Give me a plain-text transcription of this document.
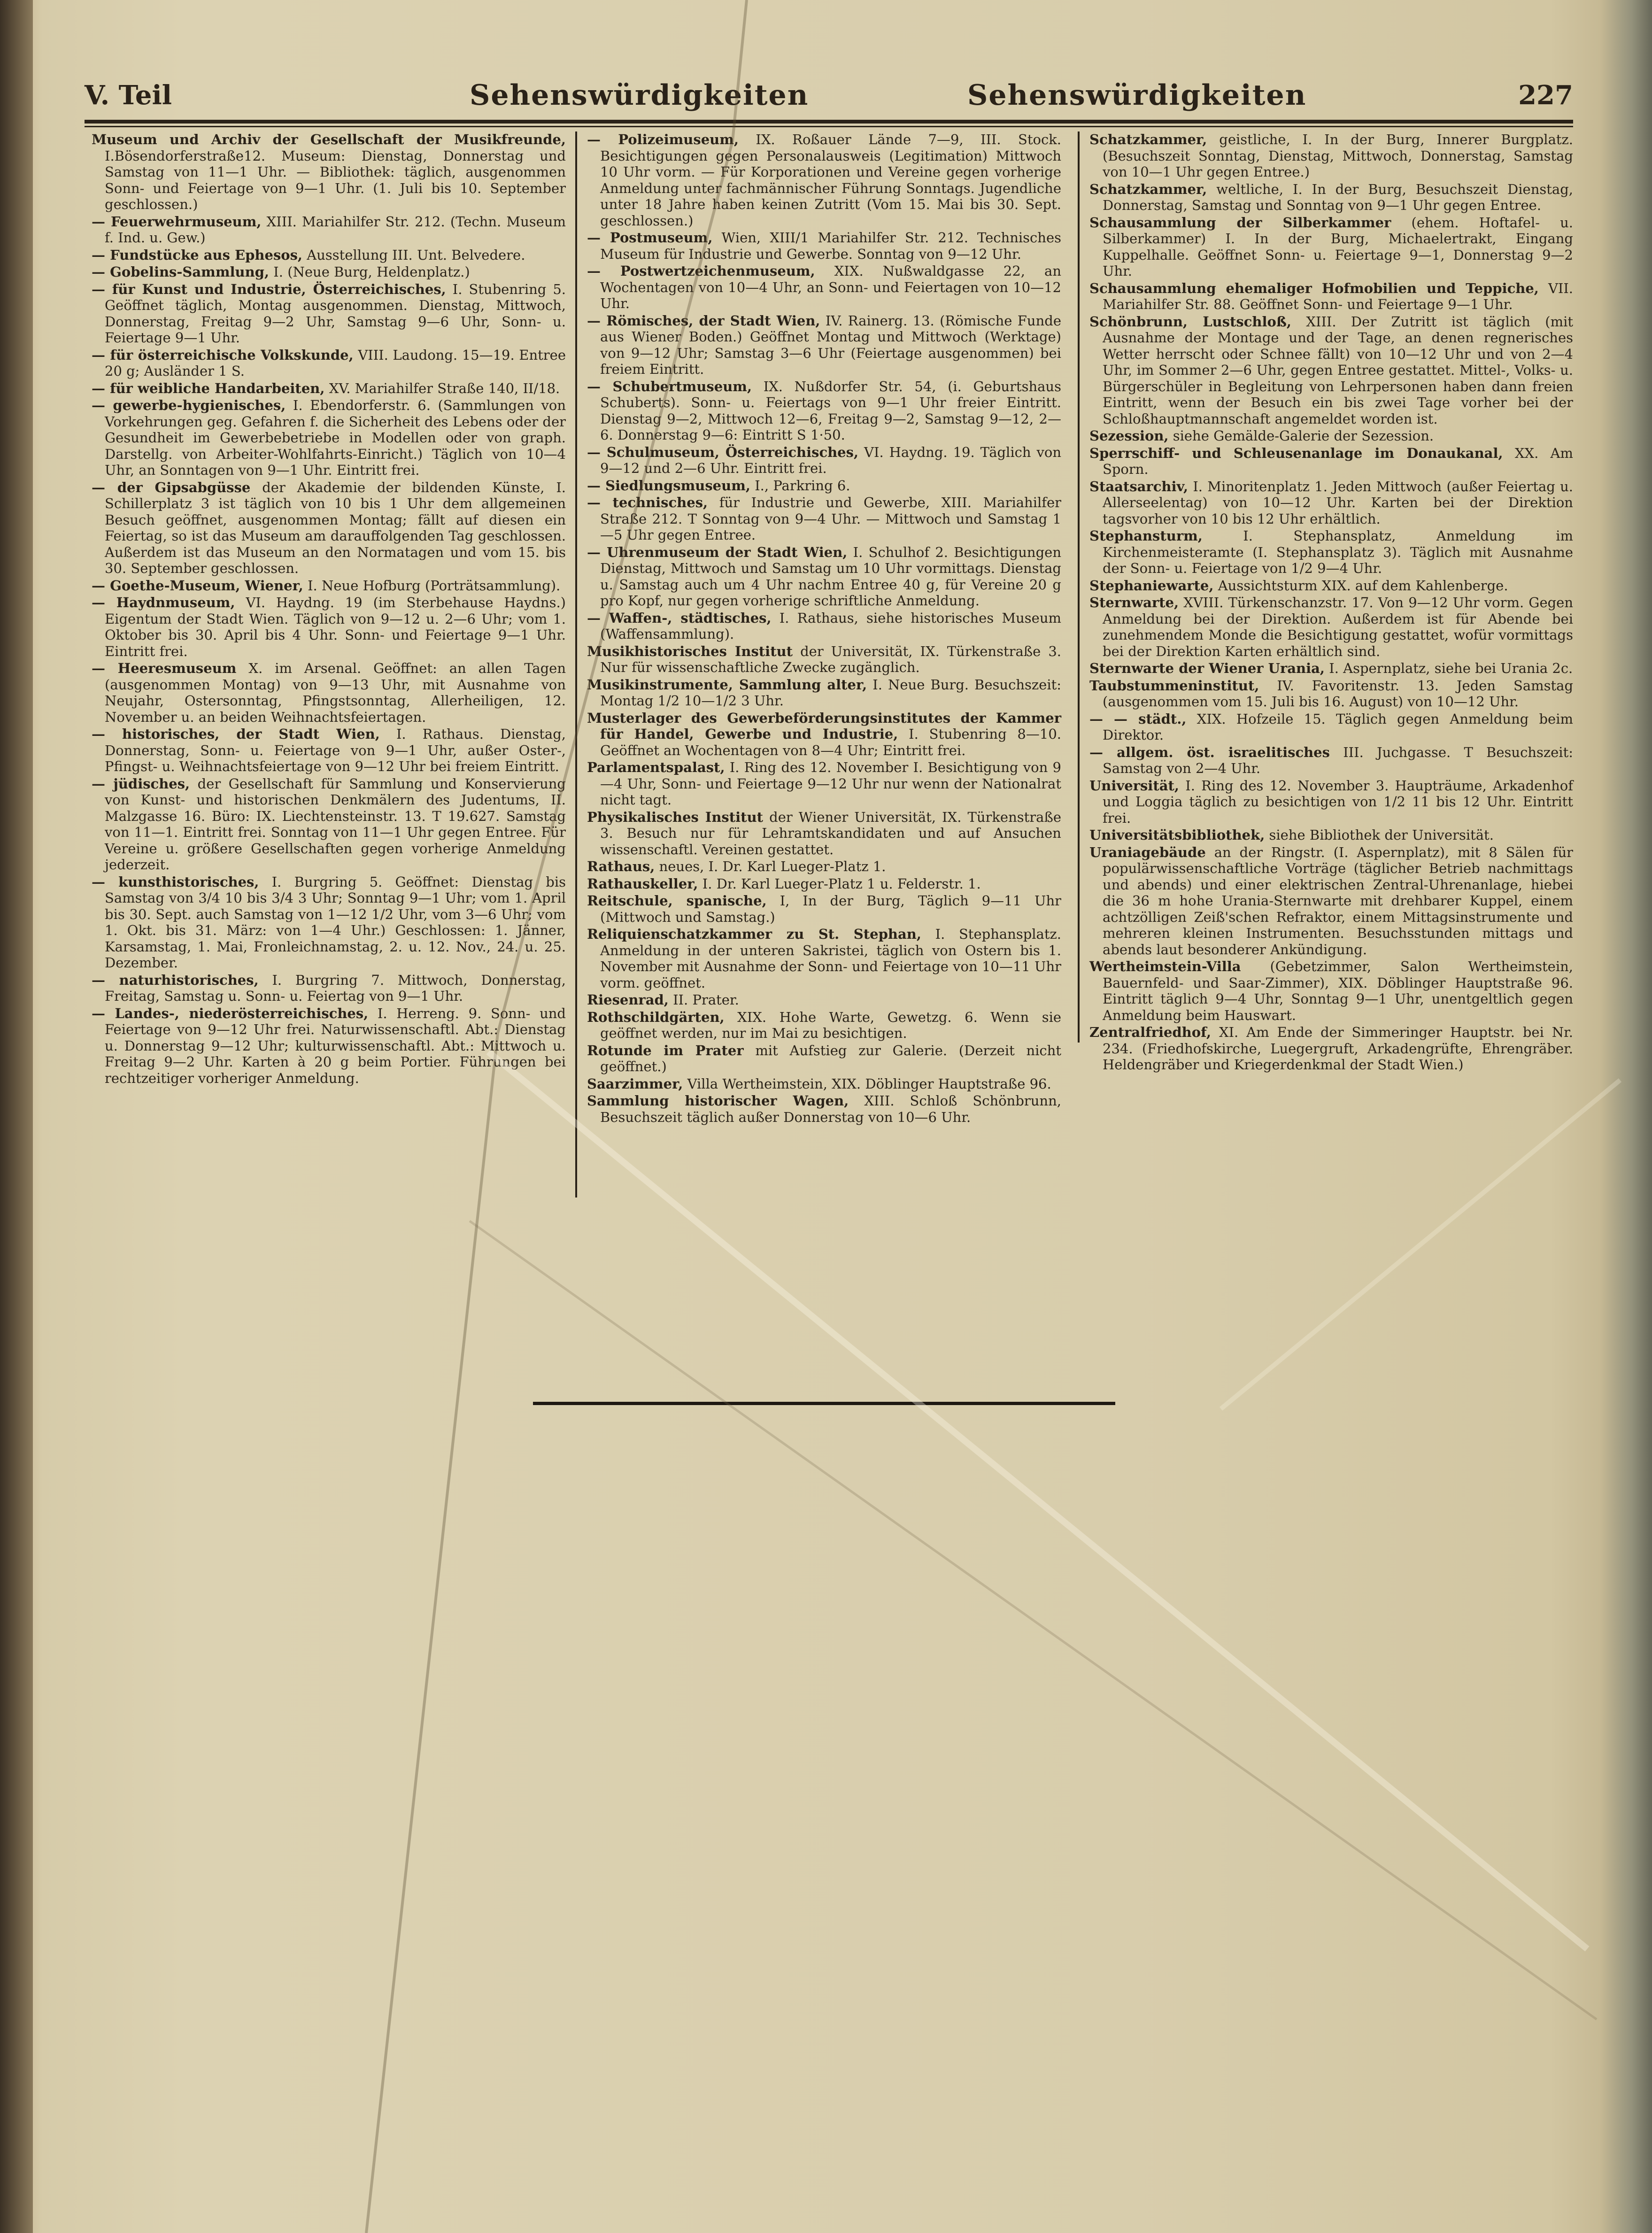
V. Teil	Sehenswürdigkeiten	Sehenswürdigkeiten	227
Museum und Archiv der Gesellschaft der Musikfreunde, I.Bösendorferstraße12. Museum: Dienstag, Donnerstag und Samstag von 11—1 Uhr. — Bibliothek: täglich, ausgenommen Sonn- und Feiertage von 9—1 Uhr. (1. Juli bis 10. September geschlossen.)
— Feuerwehrmuseum, XIII. Mariahilfer Str. 212. (Techn. Museum f. Ind. u. Gew.)
— Fundstücke aus Ephesos, Ausstellung III. Unt. Belvedere.
— Gobelins-Sammlung, I. (Neue Burg, Heldenplatz.)
— für Kunst und Industrie, Österreichisches, I. Stubenring 5. Geöffnet täglich, Montag ausgenommen. Dienstag, Mittwoch, Donnerstag, Freitag 9—2 Uhr, Samstag 9—6 Uhr, Sonn- u. Feiertage 9—1 Uhr.
— für österreichische Volkskunde, VIII. Laudong. 15—19. Entree 20 g; Ausländer 1 S.
— für weibliche Handarbeiten, XV. Mariahilfer Straße 140, II/18.
— gewerbe-hygienisches, I. Ebendorferstr. 6. (Sammlungen von Vorkehrungen geg. Gefahren f. die Sicherheit des Lebens oder der Gesundheit im Gewerbebetriebe in Modellen oder von graph. Darstellg. von Arbeiter-Wohlfahrts-Einricht.) Täglich von 10—4 Uhr, an Sonntagen von 9—1 Uhr. Eintritt frei.
— der Gipsabgüsse der Akademie der bildenden Künste, I. Schillerplatz 3 ist täglich von 10 bis 1 Uhr dem allgemeinen Besuch geöffnet, ausgenommen Montag; fällt auf diesen ein Feiertag, so ist das Museum am darauffolgenden Tag geschlossen. Außerdem ist das Museum an den Normatagen und vom 15. bis 30. September geschlossen.
— Goethe-Museum, Wiener, I. Neue Hofburg (Porträtsammlung).
— Haydnmuseum, VI. Haydng. 19 (im Sterbehause Haydns.) Eigentum der Stadt Wien. Täglich von 9—12 u. 2—6 Uhr; vom 1. Oktober bis 30. April bis 4 Uhr. Sonn- und Feiertage 9—1 Uhr. Eintritt frei.
— Heeresmuseum X. im Arsenal. Geöffnet: an allen Tagen (ausgenommen Montag) von 9—13 Uhr, mit Ausnahme von Neujahr, Ostersonntag, Pfingstsonntag, Allerheiligen, 12. November u. an beiden Weihnachtsfeiertagen.
— historisches, der Stadt Wien, I. Rathaus. Dienstag, Donnerstag, Sonn- u. Feiertage von 9—1 Uhr, außer Oster-, Pfingst- u. Weihnachtsfeiertage von 9—12 Uhr bei freiem Eintritt.
— jüdisches, der Gesellschaft für Sammlung und Konservierung von Kunst- und historischen Denkmälern des Judentums, II. Malzgasse 16. Büro: IX. Liechtensteinstr. 13. T 19.627. Samstag von 11—1. Eintritt frei. Sonntag von 11—1 Uhr gegen Entree. Für Vereine u. größere Gesellschaften gegen vorherige Anmeldung jederzeit.
— kunsthistorisches, I. Burgring 5. Geöffnet: Dienstag bis Samstag von 3/4 10 bis 3/4 3 Uhr; Sonntag 9—1 Uhr; vom 1. April bis 30. Sept. auch Samstag von 1—12 1/2 Uhr, vom 3—6 Uhr; vom 1. Okt. bis 31. März: von 1—4 Uhr.) Geschlossen: 1. Jänner, Karsamstag, 1. Mai, Fronleichnamstag, 2. u. 12. Nov., 24. u. 25. Dezember.
— naturhistorisches, I. Burgring 7. Mittwoch, Donnerstag, Freitag, Samstag u. Sonn- u. Feiertag von 9—1 Uhr.
— Landes-, niederösterreichisches, I. Herreng. 9. Sonn- und Feiertage von 9—12 Uhr frei. Naturwissenschaftl. Abt.: Dienstag u. Donnerstag 9—12 Uhr; kulturwissenschaftl. Abt.: Mittwoch u. Freitag 9—2 Uhr. Karten à 20 g beim Portier. Führungen bei rechtzeitiger vorheriger Anmeldung.
— Polizeimuseum, IX. Roßauer Lände 7—9, III. Stock. Besichtigungen gegen Personalausweis (Legitimation) Mittwoch 10 Uhr vorm. — Für Korporationen und Vereine gegen vorherige Anmeldung unter fachmännischer Führung Sonntags. Jugendliche unter 18 Jahre haben keinen Zutritt (Vom 15. Mai bis 30. Sept. geschlossen.)
— Postmuseum, Wien, XIII/1 Mariahilfer Str. 212. Technisches Museum für Industrie und Gewerbe. Sonntag von 9—12 Uhr.
— Postwertzeichenmuseum, XIX. Nußwaldgasse 22, an Wochentagen von 10—4 Uhr, an Sonn- und Feiertagen von 10—12 Uhr.
— Römisches, der Stadt Wien, IV. Rainerg. 13. (Römische Funde aus Wiener Boden.) Geöffnet Montag und Mittwoch (Werktage) von 9—12 Uhr; Samstag 3—6 Uhr (Feiertage ausgenommen) bei freiem Eintritt.
— Schubertmuseum, IX. Nußdorfer Str. 54, (i. Geburtshaus Schuberts). Sonn- u. Feiertags von 9—1 Uhr freier Eintritt. Dienstag 9—2, Mittwoch 12—6, Freitag 9—2, Samstag 9—12, 2—6. Donnerstag 9—6: Eintritt S 1·50.
— Schulmuseum, Österreichisches, VI. Haydng. 19. Täglich von 9—12 und 2—6 Uhr. Eintritt frei.
— Siedlungsmuseum, I., Parkring 6.
— technisches, für Industrie und Gewerbe, XIII. Mariahilfer Straße 212. T Sonntag von 9—4 Uhr. — Mittwoch und Samstag 1—5 Uhr gegen Entree.
— Uhrenmuseum der Stadt Wien, I. Schulhof 2. Besichtigungen Dienstag, Mittwoch und Samstag um 10 Uhr vormittags. Dienstag u. Samstag auch um 4 Uhr nachm Entree 40 g, für Vereine 20 g pro Kopf, nur gegen vorherige schriftliche Anmeldung.
— Waffen-, städtisches, I. Rathaus, siehe historisches Museum (Waffensammlung).
Musikhistorisches Institut der Universität, IX. Türkenstraße 3. Nur für wissenschaftliche Zwecke zugänglich.
Musikinstrumente, Sammlung alter, I. Neue Burg. Besuchszeit: Montag 1/2 10—1/2 3 Uhr.
Musterlager des Gewerbeförderungsinstitutes der Kammer für Handel, Gewerbe und Industrie, I. Stubenring 8—10. Geöffnet an Wochentagen von 8—4 Uhr; Eintritt frei.
Parlamentspalast, I. Ring des 12. November I. Besichtigung von 9—4 Uhr, Sonn- und Feiertage 9—12 Uhr nur wenn der Nationalrat nicht tagt.
Physikalisches Institut der Wiener Universität, IX. Türkenstraße 3. Besuch nur für Lehramtskandidaten und auf Ansuchen wissenschaftl. Vereinen gestattet.
Rathaus, neues, I. Dr. Karl Lueger-Platz 1.
Rathauskeller, I. Dr. Karl Lueger-Platz 1 u. Felderstr. 1.
Reitschule, spanische, I, In der Burg, Täglich 9—11 Uhr (Mittwoch und Samstag.)
Reliquienschatzkammer zu St. Stephan, I. Stephansplatz. Anmeldung in der unteren Sakristei, täglich von Ostern bis 1. November mit Ausnahme der Sonn- und Feiertage von 10—11 Uhr vorm. geöffnet.
Riesenrad, II. Prater.
Rothschildgärten, XIX. Hohe Warte, Gewetzg. 6. Wenn sie geöffnet werden, nur im Mai zu besichtigen.
Rotunde im Prater mit Aufstieg zur Galerie. (Derzeit nicht geöffnet.)
Saarzimmer, Villa Wertheimstein, XIX. Döblinger Hauptstraße 96.
Sammlung historischer Wagen, XIII. Schloß Schönbrunn, Besuchszeit täglich außer Donnerstag von 10—6 Uhr.
Schatzkammer, geistliche, I. In der Burg, Innerer Burgplatz. (Besuchszeit Sonntag, Dienstag, Mittwoch, Donnerstag, Samstag von 10—1 Uhr gegen Entree.)
Schatzkammer, weltliche, I. In der Burg, Besuchszeit Dienstag, Donnerstag, Samstag und Sonntag von 9—1 Uhr gegen Entree.
Schausammlung der Silberkammer (ehem. Hoftafel- u. Silberkammer) I. In der Burg, Michaelertrakt, Eingang Kuppelhalle. Geöffnet Sonn- u. Feiertage 9—1, Donnerstag 9—2 Uhr.
Schausammlung ehemaliger Hofmobilien und Teppiche, VII. Mariahilfer Str. 88. Geöffnet Sonn- und Feiertage 9—1 Uhr.
Schönbrunn, Lustschloß, XIII. Der Zutritt ist täglich (mit Ausnahme der Montage und der Tage, an denen regnerisches Wetter herrscht oder Schnee fällt) von 10—12 Uhr und von 2—4 Uhr, im Sommer 2—6 Uhr, gegen Entree gestattet. Mittel-, Volks- u. Bürgerschüler in Begleitung von Lehrpersonen haben dann freien Eintritt, wenn der Besuch ein bis zwei Tage vorher bei der Schloßhauptmannschaft angemeldet worden ist.
Sezession, siehe Gemälde-Galerie der Sezession.
Sperrschiff- und Schleusenanlage im Donaukanal, XX. Am Sporn.
Staatsarchiv, I. Minoritenplatz 1. Jeden Mittwoch (außer Feiertag u. Allerseelentag) von 10—12 Uhr. Karten bei der Direktion tagsvorher von 10 bis 12 Uhr erhältlich.
Stephansturm,	I. Stephansplatz, Anmeldung im Kirchenmeisteramte (I. Stephansplatz 3). Täglich mit Ausnahme der Sonn- u. Feiertage von 1/2 9—4 Uhr.
Stephaniewarte, Aussichtsturm XIX. auf dem Kahlenberge.
Sternwarte, XVIII. Türkenschanzstr. 17. Von 9—12 Uhr vorm. Gegen Anmeldung bei der Direktion. Außerdem ist für Abende bei zunehmendem Monde die Besichtigung gestattet, wofür vormittags bei der Direktion Karten erhältlich sind.
Sternwarte der Wiener Urania, I. Aspernplatz, siehe bei Urania 2c.
Taubstummeninstitut, IV. Favoritenstr. 13. Jeden Samstag (ausgenommen vom 15. Juli bis 16. August) von 10—12 Uhr.
— — städt., XIX. Hofzeile 15. Täglich gegen Anmeldung beim Direktor.
— allgem. öst. israelitisches III. Juchgasse. T Besuchszeit: Samstag von 2—4 Uhr.
Universität, I. Ring des 12. November 3. Haupträume, Arkadenhof und Loggia täglich zu besichtigen von 1/2 11 bis 12 Uhr. Eintritt frei.
Universitätsbibliothek, siehe Bibliothek der Universität.
Uraniagebäude an der Ringstr. (I. Aspernplatz), mit 8 Sälen für populärwissenschaftliche Vorträge (täglicher Betrieb nachmittags und abends) und einer elektrischen Zentral-Uhrenanlage, hiebei die 36 m hohe Urania-Sternwarte mit drehbarer Kuppel, einem achtzölligen Zeiß'schen Refraktor, einem Mittagsinstrumente und mehreren kleinen Instrumenten. Besuchsstunden mittags und abends laut besonderer Ankündigung.
Wertheimstein-Villa (Gebetzimmer, Salon Wertheimstein, Bauernfeld- und Saar-Zimmer), XIX. Döblinger Hauptstraße 96. Eintritt täglich 9—4 Uhr, Sonntag 9—1 Uhr, unentgeltlich gegen Anmeldung beim Hauswart.
Zentralfriedhof, XI. Am Ende der Simmeringer Hauptstr. bei Nr. 234. (Friedhofskirche, Luegergruft, Arkadengrüfte, Ehrengräber. Heldengräber und Kriegerdenkmal der Stadt Wien.)
